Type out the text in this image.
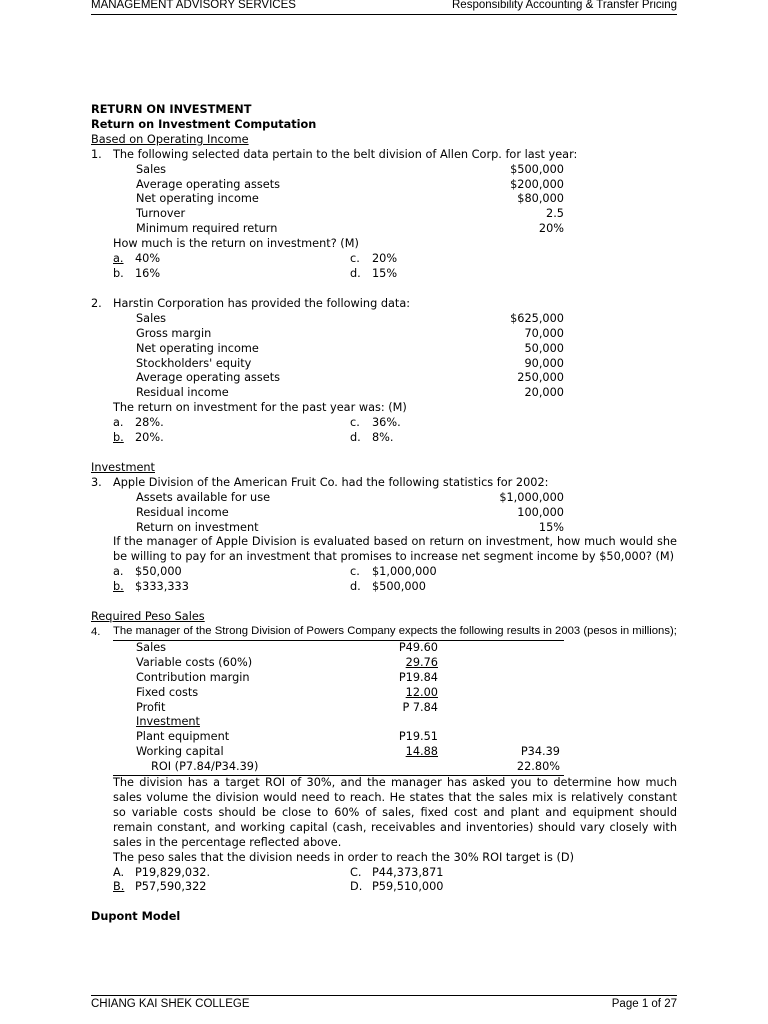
MANAGEMENT ADVISORY SERVICES	Responsibility Accounting & Transfer Pricing
RETURN ON INVESTMENT
Return on Investment Computation
Based on Operating Income
1. The following selected data pertain to the belt division of Allen Corp. for last year:
Sales	$500,000
Average operating assets	$200,000
Net operating income	$80,000
Turnover	2.5
Minimum required return	20%
How much is the return on investment? (M)
a.	40%	c.	20%
b. 16%	d. 15%
2. Harstin Corporation has provided the following data:
Sales	$625,000
Gross margin	70,000
Net operating income	50,000
Stockholders' equity	90,000
Average operating assets	250,000
Residual income	20,000
The return on investment for the past year was: (M)
a.	28%.	c.	36%.
b. 20%.	d. 8%.
Investment
3. Apple Division of the American Fruit Co. had the following statistics for 2002:
Assets available for use	$1,000,000
Residual income	100,000
Return on investment	15%
If the manager of Apple Division is evaluated based on return on investment, how much would she be willing to pay for an investment that promises to increase net segment income by $50,000? (M)
a.	$50,000	c.	$1,000,000
b. $333,333	d. $500,000
Required Peso Sales
4.	The manager of the Strong Division of Powers Company expects the following results in 2003 (pesos in millions);
Sales	P49.60
Variable costs (60%)	29.76
Contribution margin	P19.84
Fixed costs	12.00
Profit	P 7.84
Investment
Plant equipment	P19.51
Working capital	14.88	P34.39
ROI (P7.84/P34.39)	22.80%
The division has a target ROI of 30%, and the manager has asked you to determine how much sales volume the division would need to reach. He states that the sales mix is relatively constant so variable costs should be close to 60% of sales, fixed cost and plant and equipment should remain constant, and working capital (cash, receivables and inventories) should vary closely with sales in the percentage reflected above.
The peso sales that the division needs in order to reach the 30% ROI target is (D)
A. P19,829,032.	C. P44,373,871
B. P57,590,322	D. P59,510,000
Dupont Model
CHIANG KAI SHEK COLLEGE	Page 1 of 27
